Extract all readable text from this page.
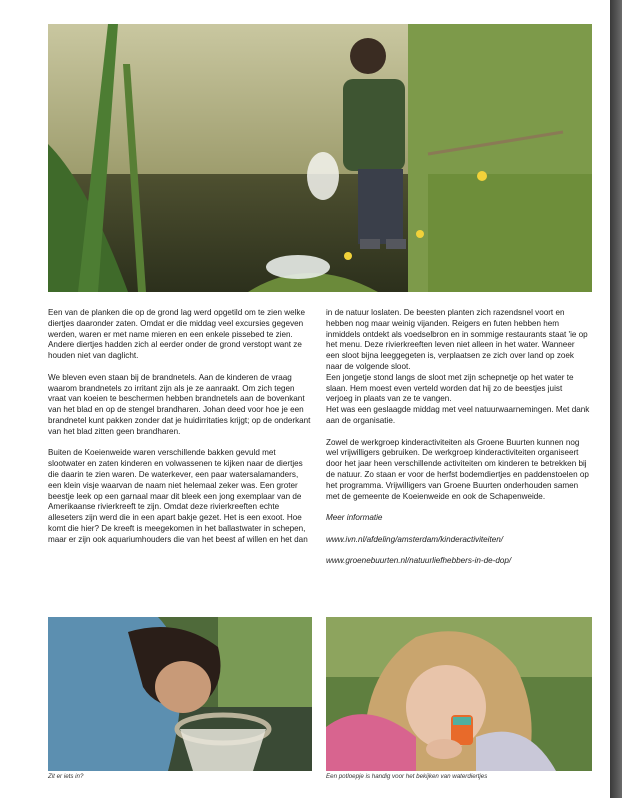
Een van de planken die op de grond lag werd opgetild om te zien welke diertjes daaronder zaten. Omdat er die middag veel excursies gegeven werden, waren er met name mieren en een enkele pissebed te zien. Andere diertjes hadden zich al eerder onder de grond verstopt want ze houden niet van daglicht.

We bleven even staan bij de brandnetels. Aan de kinderen de vraag waarom brandnetels zo irritant zijn als je ze aanraakt. Om zich tegen vraat van koeien te beschermen hebben brandnetels aan de bovenkant van het blad en op de stengel brandharen. Johan deed voor hoe je een brandnetel kunt pakken zonder dat je huidirritaties krijgt; op de onderkant van het blad zitten geen brandharen.

Buiten de Koeienweide waren verschillende bakken gevuld met slootwater en zaten kinderen en volwassenen te kijken naar de diertjes die daarin te zien waren. De waterkever, een paar watersalamanders, een klein visje waarvan de naam niet helemaal zeker was. Een groter beestje leek op een garnaal maar dit bleek een jong exemplaar van de Amerikaanse rivierkreeft te zijn. Omdat deze rivierkreeften echte alleseters zijn werd die in een apart bakje gezet. Het is een exoot. Hoe komt die hier? De kreeft is meegekomen in het ballastwater in schepen, maar er zijn ook aquariumhouders die van het beest af willen en het dan

in de natuur loslaten. De beesten planten zich razendsnel voort en hebben nog maar weinig vijanden. Reigers en futen hebben hem inmiddels ontdekt als voedselbron en in sommige restaurants staat 'ie op het menu. Deze rivierkreeften leven niet alleen in het water. Wanneer een sloot bijna leeggegeten is, verplaatsen ze zich over land op zoek naar de volgende sloot.

Een jongetje stond langs de sloot met zijn schepnetje op het water te slaan. Hem moest even verteld worden dat hij zo de beestjes juist verjoeg in plaats van ze te vangen.

Het was een geslaagde middag met veel natuurwaarnemingen. Met dank aan de organisatie.

Zowel de werkgroep kinderactiviteiten als Groene Buurten kunnen nog wel vrijwilligers gebruiken. De werkgroep kinderactiviteiten organiseert door het jaar heen verschillende activiteiten om kinderen te betrekken bij de natuur. Zo staan er voor de herfst bodemdiertjes en paddenstoelen op het programma. Vrijwilligers van Groene Buurten onderhouden samen met de gemeente de Koeienweide en ook de Schapenweide.

Meer informatie

www.ivn.nl/afdeling/amsterdam/kinderactiviteiten/

www.groenebuurten.nl/natuurliefhebbers-in-de-dop/

Zit er iets in?	Een potloepje is handig voor het bekijken van waterdiertjes
